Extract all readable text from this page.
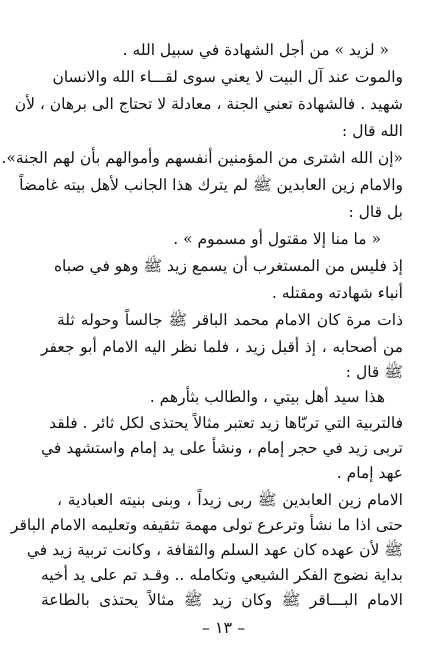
« لزيد » من أجل الشهادة في سبيل الله .
والموت عند آل البيت لا يعني سوى لقـــاء الله والانسان
شهيد . فالشهادة تعني الجنة ، معادلة لا تحتاج الى برهان ، لأن
الله قال :
«إن الله اشترى من المؤمنين أنفسهم وأموالهم بأن لهم الجنة».
والامام زين العابدين ﷺ لم يترك هذا الجانب لأهل بيته غامضاً
بل قال :
« ما منا إلا مقتول أو مسموم » .
إذ فليس من المستغرب أن يسمع زيد ﷺ وهو في صباه
أنباء شهادته ومقتله .
ذات مرة كان الامام محمد الباقر ﷺ جالساً وحوله ثلة
من أصحابه ، إذ أقبل زيد ، فلما نظر اليه الامام أبو جعفر
ﷺ قال :
هذا سيد أهل بيتي ، والطالب بثأرهم .
فالتربية التي تربّاها زيد تعتبر مثالاً يحتذى لكل ثائر . فلقد
تربى زيد في حجر إمام ، ونشأ على يد إمام واستشهد في
عهد إمام .
الامام زين العابدين ﷺ ربى زيداً ، وبنى بنيته العبادية ،
حتى اذا ما نشأ وترعرع تولى مهمة تثقيفه وتعليمه الامام الباقر
ﷺ لأن عهده كان عهد السلم والثقافة ، وكانت تربية زيد في
بداية نضوج الفكر الشيعي وتكامله .. وقـد تم على يد أخيه
الامام البـــاقر ﷺ وكان زيد ﷺ مثالاً يحتذى بالطاعة
– ١٣ –
